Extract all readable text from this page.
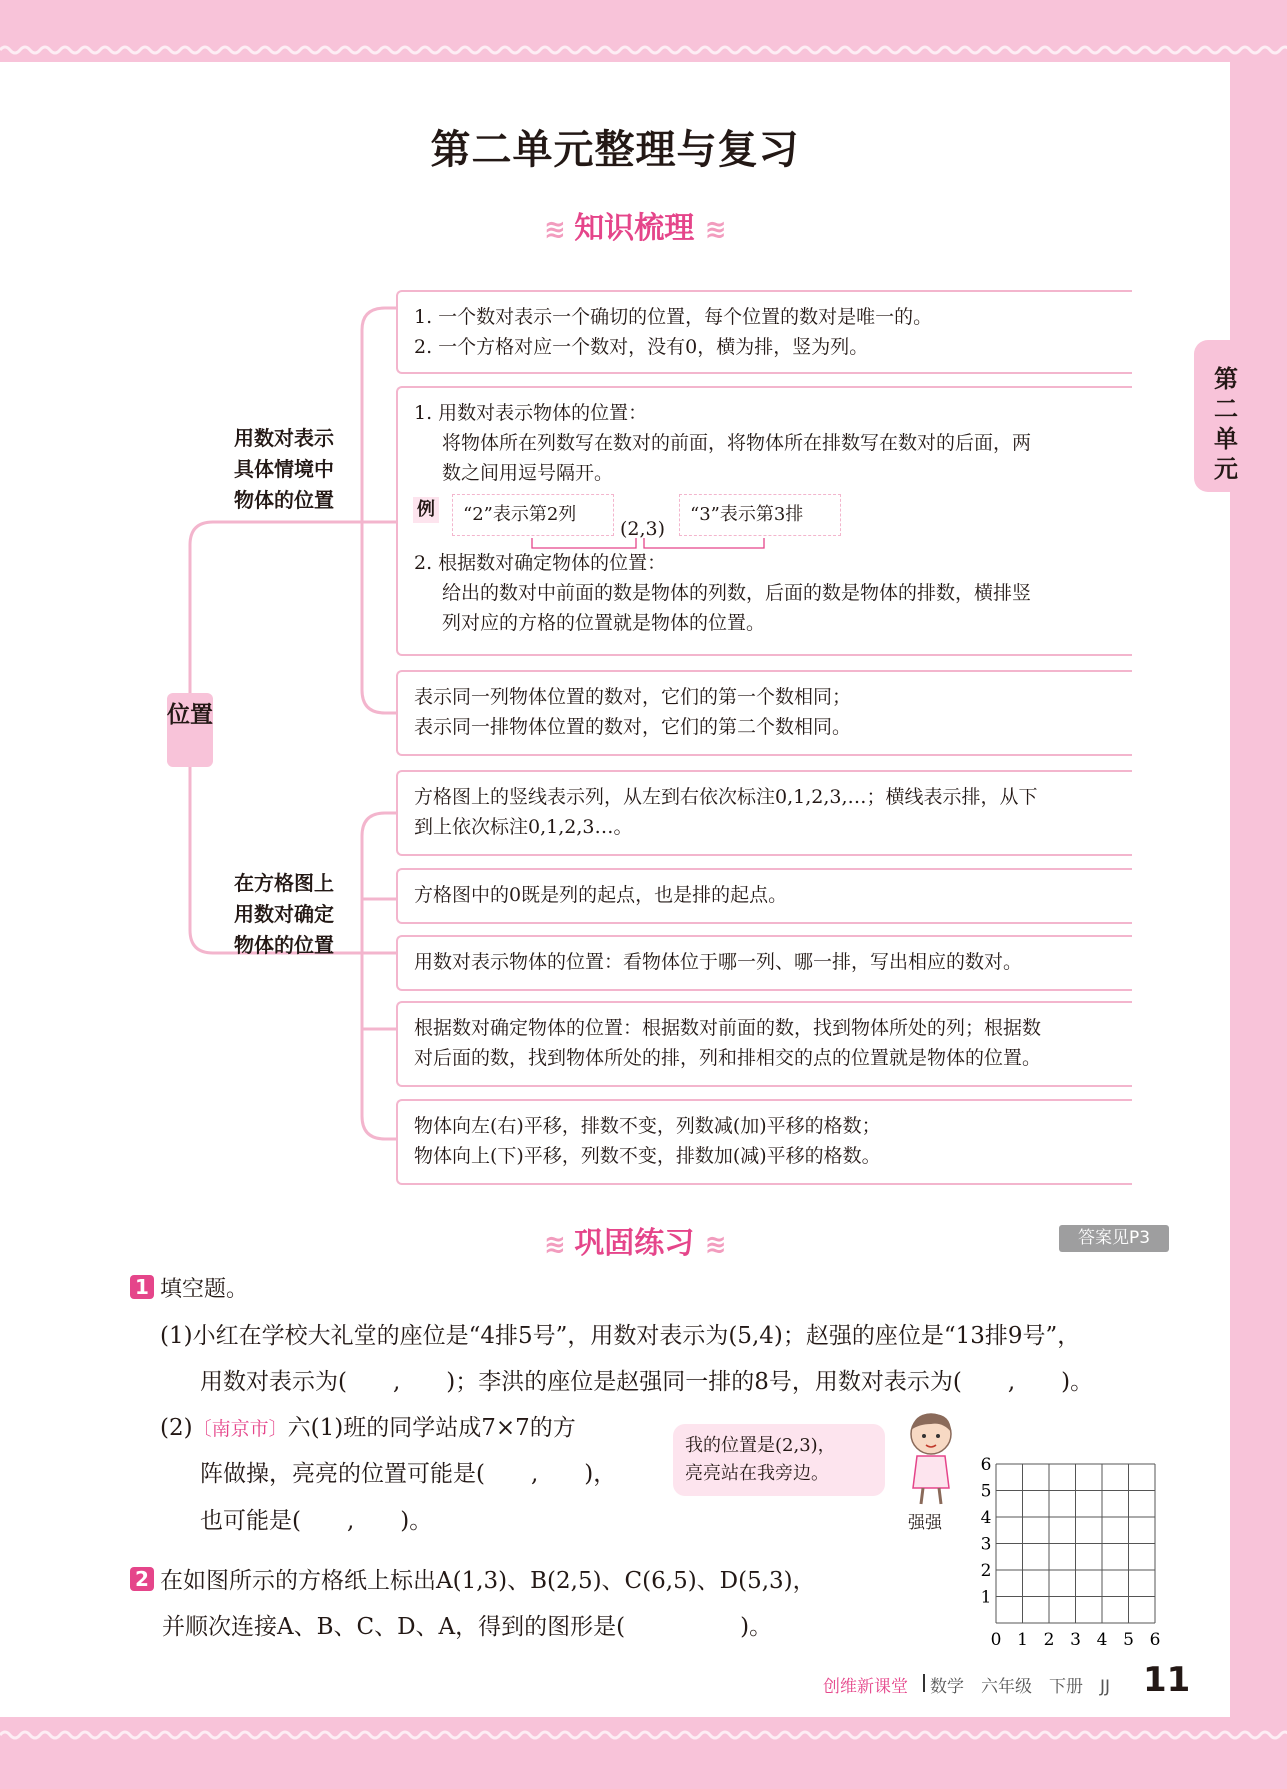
第二单元整理与复习
第二单元
≋ 知识梳理 ≋
位置
用数对表示
具体情境中
物体的位置
在方格图上
用数对确定
物体的位置
1. 一个数对表示一个确切的位置，每个位置的数对是唯一的。
2. 一个方格对应一个数对，没有0，横为排，竖为列。
1. 用数对表示物体的位置：
将物体所在列数写在数对的前面，将物体所在排数写在数对的后面，两
数之间用逗号隔开。
2. 根据数对确定物体的位置：
给出的数对中前面的数是物体的列数，后面的数是物体的排数，横排竖
列对应的方格的位置就是物体的位置。
例	“2”表示第2列
(2,3)
“3”表示第3排
表示同一列物体位置的数对，它们的第一个数相同；
表示同一排物体位置的数对，它们的第二个数相同。
方格图上的竖线表示列，从左到右依次标注0,1,2,3,…；横线表示排，从下
到上依次标注0,1,2,3…。
方格图中的0既是列的起点，也是排的起点。
用数对表示物体的位置：看物体位于哪一列、哪一排，写出相应的数对。
根据数对确定物体的位置：根据数对前面的数，找到物体所处的列；根据数
对后面的数，找到物体所处的排，列和排相交的点的位置就是物体的位置。
物体向左(右)平移，排数不变，列数减(加)平移的格数；
物体向上(下)平移，列数不变，排数加(减)平移的格数。
≋ 巩固练习 ≋	答案见P3
1 填空题。
(1)小红在学校大礼堂的座位是“4排5号”，用数对表示为(5,4)；赵强的座位是“13排9号”，
用数对表示为(　　,　　)；李洪的座位是赵强同一排的8号，用数对表示为(　　,　　)。
(2)〔南京市〕六(1)班的同学站成7×7的方
阵做操，亮亮的位置可能是(　　,　　)，
也可能是(　　,　　)。
我的位置是(2,3)，
亮亮站在我旁边。
强强
2 在如图所示的方格纸上标出A(1,3)、B(2,5)、C(6,5)、D(5,3)，
并顺次连接A、B、C、D、A，得到的图形是(　　　　　)。	0 1 2 3 4 5 6
1
2
3
4
5
6
创维新课堂 数学　六年级　下册　JJ 11
